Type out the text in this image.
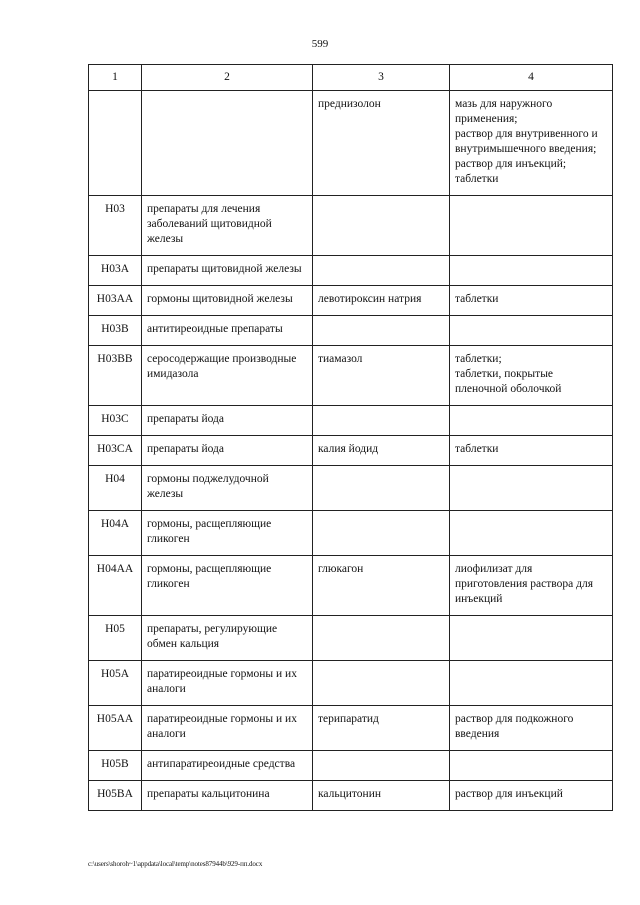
599
1	2	3	4
		преднизолон	мазь для наружного применения;
раствор для внутривенного и внутримышечного введения;
раствор для инъекций;
таблетки

H03	препараты для лечения заболеваний щитовидной железы		
H03A	препараты щитовидной железы		
H03AA	гормоны щитовидной железы	левотироксин натрия	таблетки

H03B	антитиреоидные препараты		
H03BB	серосодержащие производные имидазола	тиамазол	таблетки;
таблетки, покрытые пленочной оболочкой

H03C	препараты йода		
H03CA	препараты йода	калия йодид	таблетки

H04	гормоны поджелудочной железы		
H04A	гормоны, расщепляющие гликоген		
H04AA	гормоны, расщепляющие гликоген	глюкагон	лиофилизат для приготовления раствора для инъекций

H05	препараты, регулирующие обмен кальция		
H05A	паратиреоидные гормоны и их аналоги		
H05AA	паратиреоидные гормоны и их аналоги	терипаратид	раствор для подкожного введения

H05B	антипаратиреоидные средства		
H05BA	препараты кальцитонина	кальцитонин	раствор для инъекций
c:\users\shoroh~1\appdata\local\temp\notes87944b\929-пп.docx
